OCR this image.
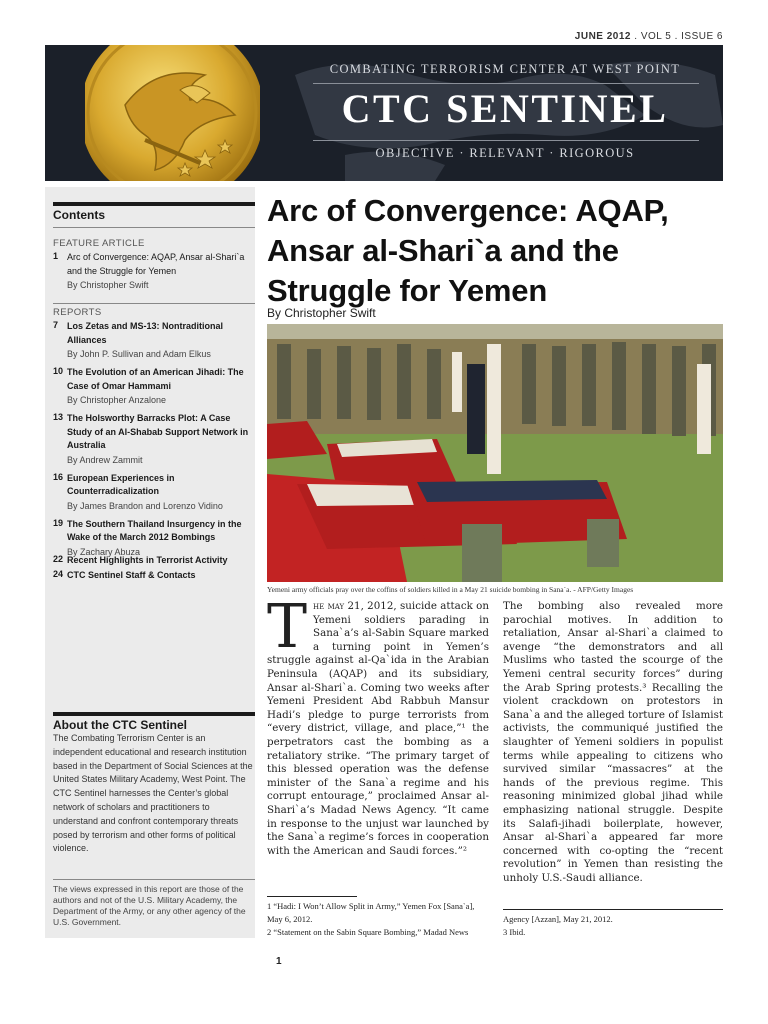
JUNE 2012 . VOL 5 . ISSUE 6
COMBATING TERRORISM CENTER AT WEST POINT
CTC SENTINEL
OBJECTIVE · RELEVANT · RIGOROUS
Contents
FEATURE ARTICLE
1 Arc of Convergence: AQAP, Ansar al-Shari`a and the Struggle for Yemen
By Christopher Swift
REPORTS
7 Los Zetas and MS-13: Nontraditional Alliances
By John P. Sullivan and Adam Elkus
10 The Evolution of an American Jihadi: The Case of Omar Hammami
By Christopher Anzalone
13 The Holsworthy Barracks Plot: A Case Study of an Al-Shabab Support Network in Australia
By Andrew Zammit
16 European Experiences in Counterradicalization
By James Brandon and Lorenzo Vidino
19 The Southern Thailand Insurgency in the Wake of the March 2012 Bombings
By Zachary Abuza
22 Recent Highlights in Terrorist Activity
24 CTC Sentinel Staff & Contacts
About the CTC Sentinel
The Combating Terrorism Center is an independent educational and research institution based in the Department of Social Sciences at the United States Military Academy, West Point. The CTC Sentinel harnesses the Center’s global network of scholars and practitioners to understand and confront contemporary threats posed by terrorism and other forms of political violence.
The views expressed in this report are those of the authors and not of the U.S. Military Academy, the Department of the Army, or any other agency of the U.S. Government.
Arc of Convergence: AQAP, Ansar al-Shari`a and the Struggle for Yemen
By Christopher Swift
Yemeni army officials pray over the coffins of soldiers killed in a May 21 suicide bombing in Sana`a. - AFP/Getty Images
The may 21, 2012, suicide attack on Yemeni soldiers parading in Sana`a’s al-Sabin Square marked a turning point in Yemen’s struggle against al-Qa`ida in the Arabian Peninsula (AQAP) and its subsidiary, Ansar al-Shari`a. Coming two weeks after Yemeni President Abd Rabbuh Mansur Hadi’s pledge to purge terrorists from “every district, village, and place,”¹ the perpetrators cast the bombing as a retaliatory strike. “The primary target of this blessed operation was the defense minister of the Sana`a regime and his corrupt entourage,” proclaimed Ansar al-Shari`a’s Madad News Agency. “It came in response to the unjust war launched by the Sana`a regime’s forces in cooperation with the American and Saudi forces.”²
The bombing also revealed more parochial motives. In addition to retaliation, Ansar al-Shari`a claimed to avenge “the demonstrators and all Muslims who tasted the scourge of the Yemeni central security forces” during the Arab Spring protests.³ Recalling the violent crackdown on protestors in Sana`a and the alleged torture of Islamist activists, the communiqué justified the slaughter of Yemeni soldiers in populist terms while appealing to citizens who survived similar “massacres” at the hands of the previous regime. This reasoning minimized global jihad while emphasizing national struggle. Despite its Salafi-jihadi boilerplate, however, Ansar al-Shari`a appeared far more concerned with co-opting the “recent revolution” in Yemen than resisting the unholy U.S.-Saudi alliance.
1 “Hadi: I Won’t Allow Split in Army,” Yemen Fox [Sana`a], May 6, 2012.
2 “Statement on the Sabin Square Bombing,” Madad News
Agency [Azzan], May 21, 2012.
3 Ibid.
1
